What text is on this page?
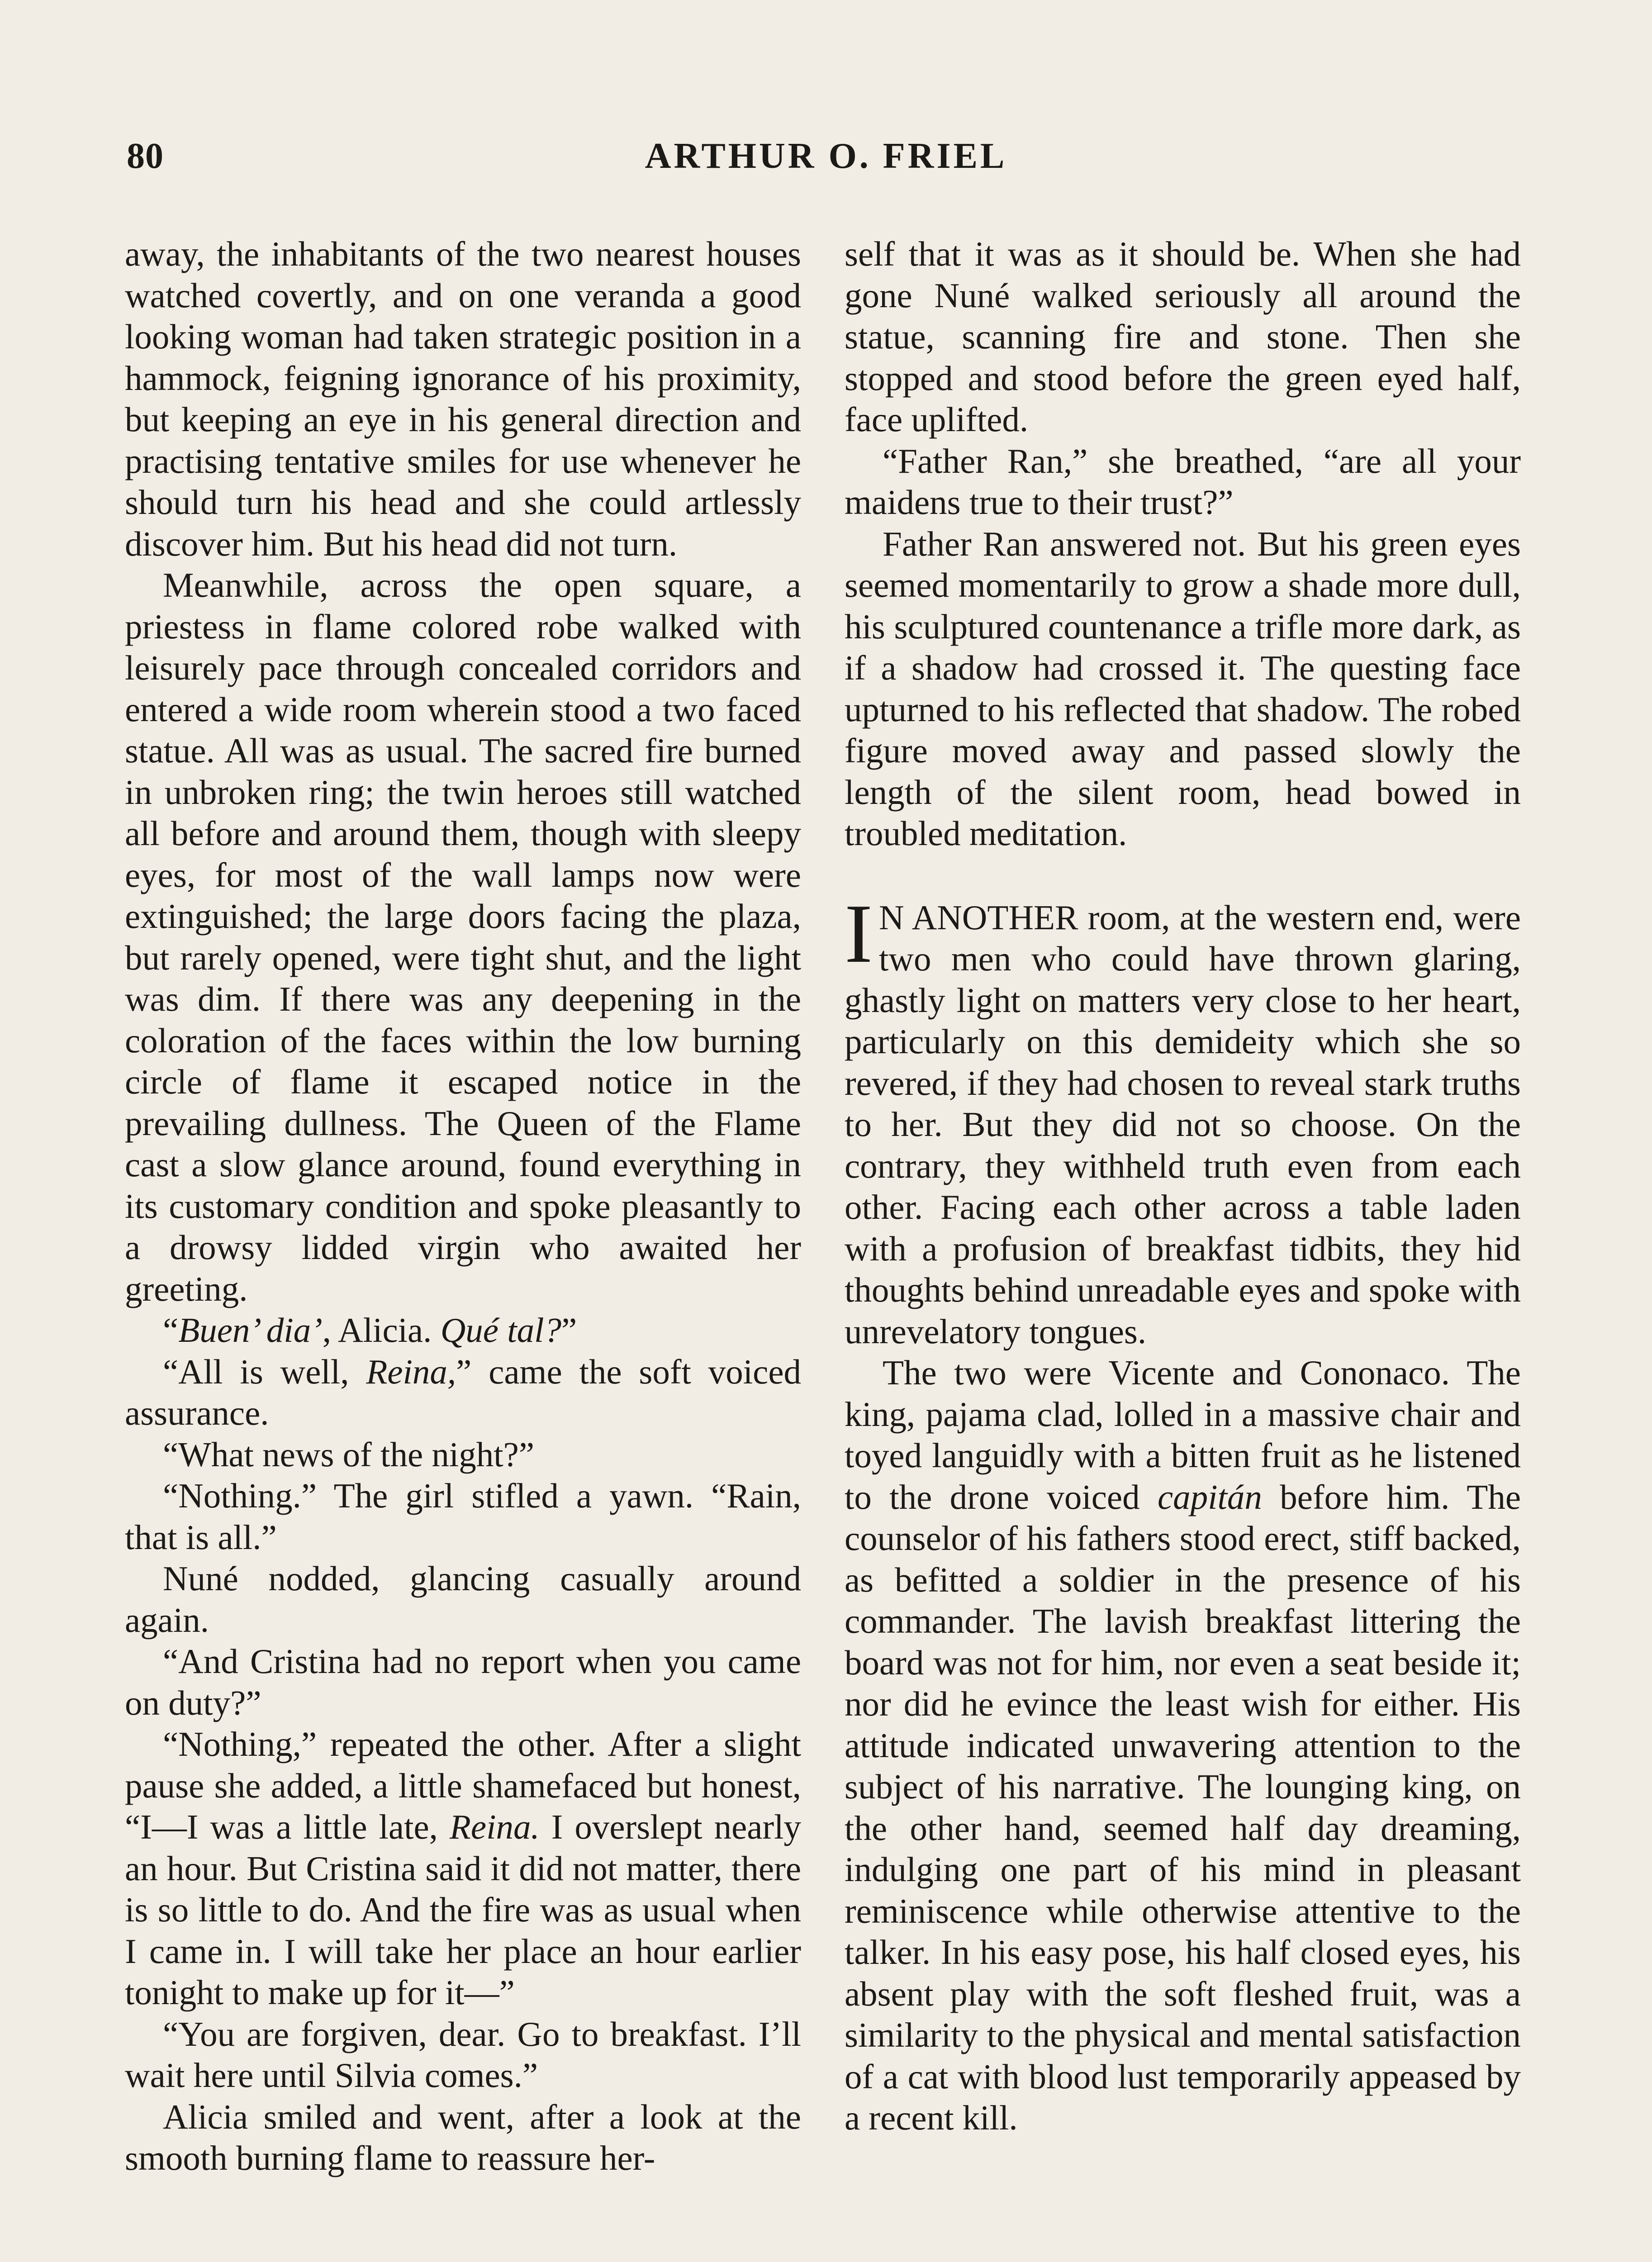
80	ARTHUR O. FRIEL

away, the inhabitants of the two nearest houses watched covertly, and on one veranda a good looking woman had taken strategic position in a hammock, feigning ignorance of his proximity, but keeping an eye in his general direction and practising tentative smiles for use whenever he should turn his head and she could artlessly discover him. But his head did not turn.

Meanwhile, across the open square, a priestess in flame colored robe walked with leisurely pace through concealed corridors and entered a wide room wherein stood a two faced statue. All was as usual. The sacred fire burned in unbroken ring; the twin heroes still watched all before and around them, though with sleepy eyes, for most of the wall lamps now were extinguished; the large doors facing the plaza, but rarely opened, were tight shut, and the light was dim. If there was any deepening in the coloration of the faces within the low burning circle of flame it escaped notice in the prevailing dullness. The Queen of the Flame cast a slow glance around, found everything in its customary condition and spoke pleasantly to a drowsy lidded virgin who awaited her greeting.

“Buen’ dia’, Alicia. Qué tal?”

“All is well, Reina,” came the soft voiced assurance.

“What news of the night?”

“Nothing.” The girl stifled a yawn. “Rain, that is all.”

Nuné nodded, glancing casually around again.

“And Cristina had no report when you came on duty?”

“Nothing,” repeated the other. After a slight pause she added, a little shamefaced but honest, “I—I was a little late, Reina. I overslept nearly an hour. But Cristina said it did not matter, there is so little to do. And the fire was as usual when I came in. I will take her place an hour earlier tonight to make up for it—”

“You are forgiven, dear. Go to breakfast. I’ll wait here until Silvia comes.”

Alicia smiled and went, after a look at the smooth burning flame to reassure her-

self that it was as it should be. When she had gone Nuné walked seriously all around the statue, scanning fire and stone. Then she stopped and stood before the green eyed half, face uplifted.

“Father Ran,” she breathed, “are all your maidens true to their trust?”

Father Ran answered not. But his green eyes seemed momentarily to grow a shade more dull, his sculptured countenance a trifle more dark, as if a shadow had crossed it. The questing face upturned to his reflected that shadow. The robed figure moved away and passed slowly the length of the silent room, head bowed in troubled meditation.

IN ANOTHER room, at the western end, were two men who could have thrown glaring, ghastly light on matters very close to her heart, particularly on this demideity which she so revered, if they had chosen to reveal stark truths to her. But they did not so choose. On the contrary, they withheld truth even from each other. Facing each other across a table laden with a profusion of breakfast tidbits, they hid thoughts behind unreadable eyes and spoke with unrevelatory tongues.

The two were Vicente and Cononaco. The king, pajama clad, lolled in a massive chair and toyed languidly with a bitten fruit as he listened to the drone voiced capitán before him. The counselor of his fathers stood erect, stiff backed, as befitted a soldier in the presence of his commander. The lavish breakfast littering the board was not for him, nor even a seat beside it; nor did he evince the least wish for either. His attitude indicated unwavering attention to the subject of his narrative. The lounging king, on the other hand, seemed half day dreaming, indulging one part of his mind in pleasant reminiscence while otherwise attentive to the talker. In his easy pose, his half closed eyes, his absent play with the soft fleshed fruit, was a similarity to the physical and mental satisfaction of a cat with blood lust temporarily appeased by a recent kill.
